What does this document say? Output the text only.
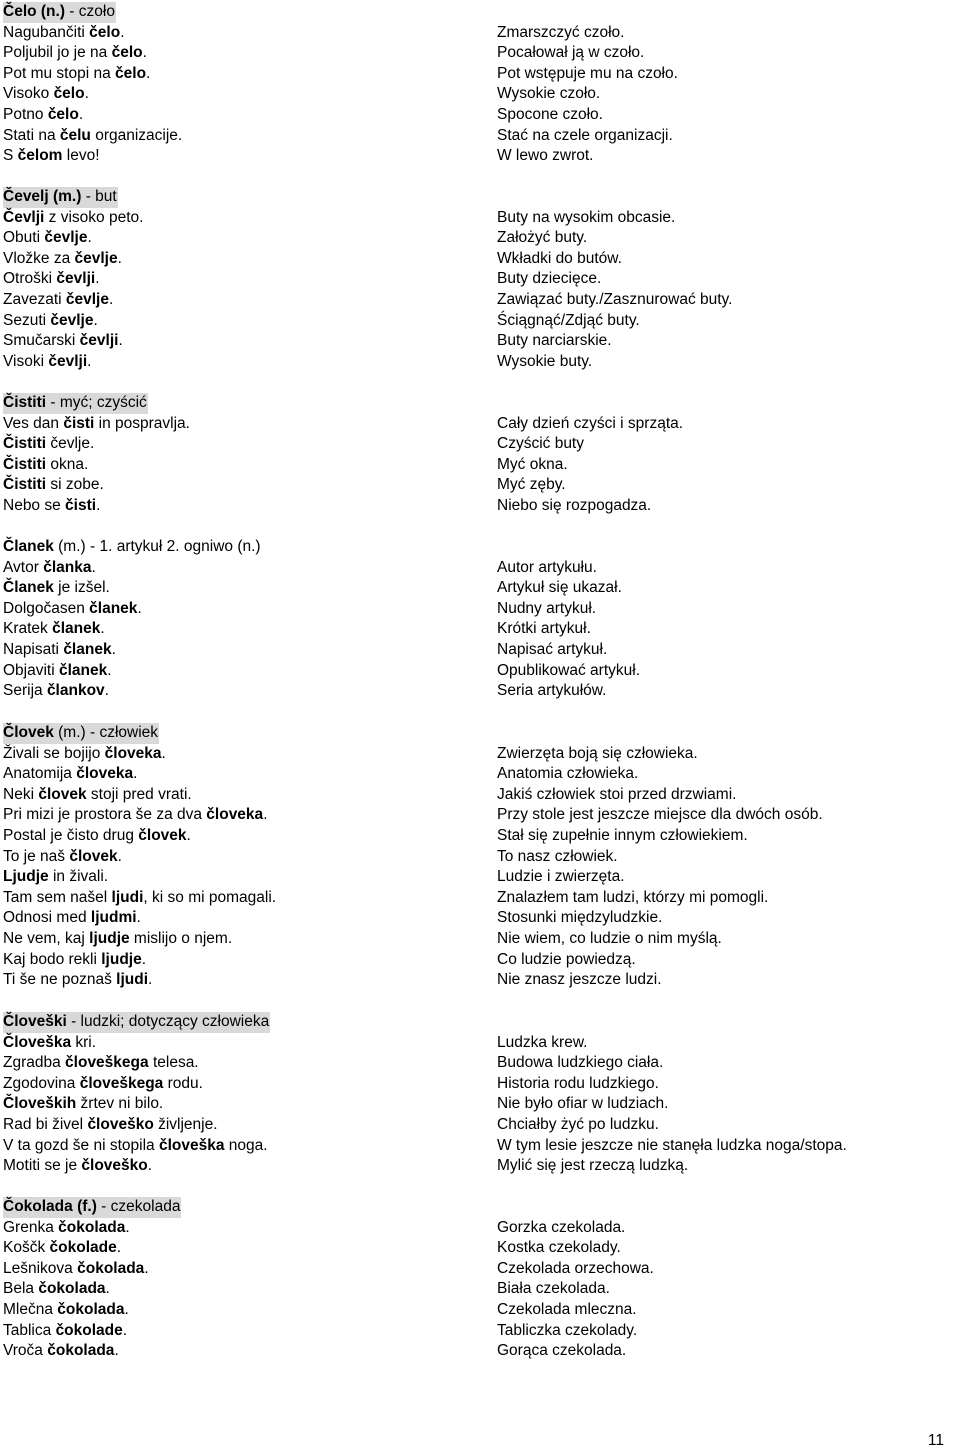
Čelo (n.) - czoło
Nagubančiti čelo.	Zmarszczyć czoło.
Poljubil jo je na čelo.	Pocałował ją w czoło.
Pot mu stopi na čelo.	Pot wstępuje mu na czoło.
Visoko čelo.	Wysokie czoło.
Potno čelo.	Spocone czoło.
Stati na čelu organizacije.	Stać na czele organizacji.
S čelom levo!	W lewo zwrot.
Čevelj (m.) - but
Čevlji z visoko peto.	Buty na wysokim obcasie.
Obuti čevlje.	Założyć buty.
Vložke za čevlje.	Wkładki do butów.
Otroški čevlji.	Buty dziecięce.
Zavezati čevlje.	Zawiązać buty./Zasznurować buty.
Sezuti čevlje.	Ściągnąć/Zdjąć buty.
Smučarski čevlji.	Buty narciarskie.
Visoki čevlji.	Wysokie buty.
Čistiti - myć; czyścić
Ves dan čisti in pospravlja.	Cały dzień czyści i sprząta.
Čistiti čevlje.	Czyścić buty
Čistiti okna.	Myć okna.
Čistiti si zobe.	Myć zęby.
Nebo se čisti.	Niebo się rozpogadza.
Članek (m.) - 1. artykuł 2. ogniwo (n.)
Avtor članka.	Autor artykułu.
Članek je izšel.	Artykuł się ukazał.
Dolgočasen članek.	Nudny artykuł.
Kratek članek.	Krótki artykuł.
Napisati članek.	Napisać artykuł.
Objaviti članek.	Opublikować artykuł.
Serija člankov.	Seria artykułów.
Človek (m.) - człowiek
Živali se bojijo človeka.	Zwierzęta boją się człowieka.
Anatomija človeka.	Anatomia człowieka.
Neki človek stoji pred vrati.	Jakiś człowiek stoi przed drzwiami.
Pri mizi je prostora še za dva človeka.	Przy stole jest jeszcze miejsce dla dwóch osób.
Postal je čisto drug človek.	Stał się zupełnie innym człowiekiem.
To je naš človek.	To nasz człowiek.
Ljudje in živali.	Ludzie i zwierzęta.
Tam sem našel ljudi, ki so mi pomagali.	Znalazłem tam ludzi, którzy mi pomogli.
Odnosi med ljudmi.	Stosunki międzyludzkie.
Ne vem, kaj ljudje mislijo o njem.	Nie wiem, co ludzie o nim myślą.
Kaj bodo rekli ljudje.	Co ludzie powiedzą.
Ti še ne poznaš ljudi.	Nie znasz jeszcze ludzi.
Človeški - ludzki; dotyczący człowieka
Človeška kri.	Ludzka krew.
Zgradba človeškega telesa.	Budowa ludzkiego ciała.
Zgodovina človeškega rodu.	Historia rodu ludzkiego.
Človeških žrtev ni bilo.	Nie było ofiar w ludziach.
Rad bi živel človeško življenje.	Chciałby żyć po ludzku.
V ta gozd še ni stopila človeška noga.	W tym lesie jeszcze nie stanęła ludzka noga/stopa.
Motiti se je človeško.	Mylić się jest rzeczą ludzką.
Čokolada (f.) - czekolada
Grenka čokolada.	Gorzka czekolada.
Koščk čokolade.	Kostka czekolady.
Lešnikova čokolada.	Czekolada orzechowa.
Bela čokolada.	Biała czekolada.
Mlečna čokolada.	Czekolada mleczna.
Tablica čokolade.	Tabliczka czekolady.
Vroča čokolada.	Gorąca czekolada.
11
